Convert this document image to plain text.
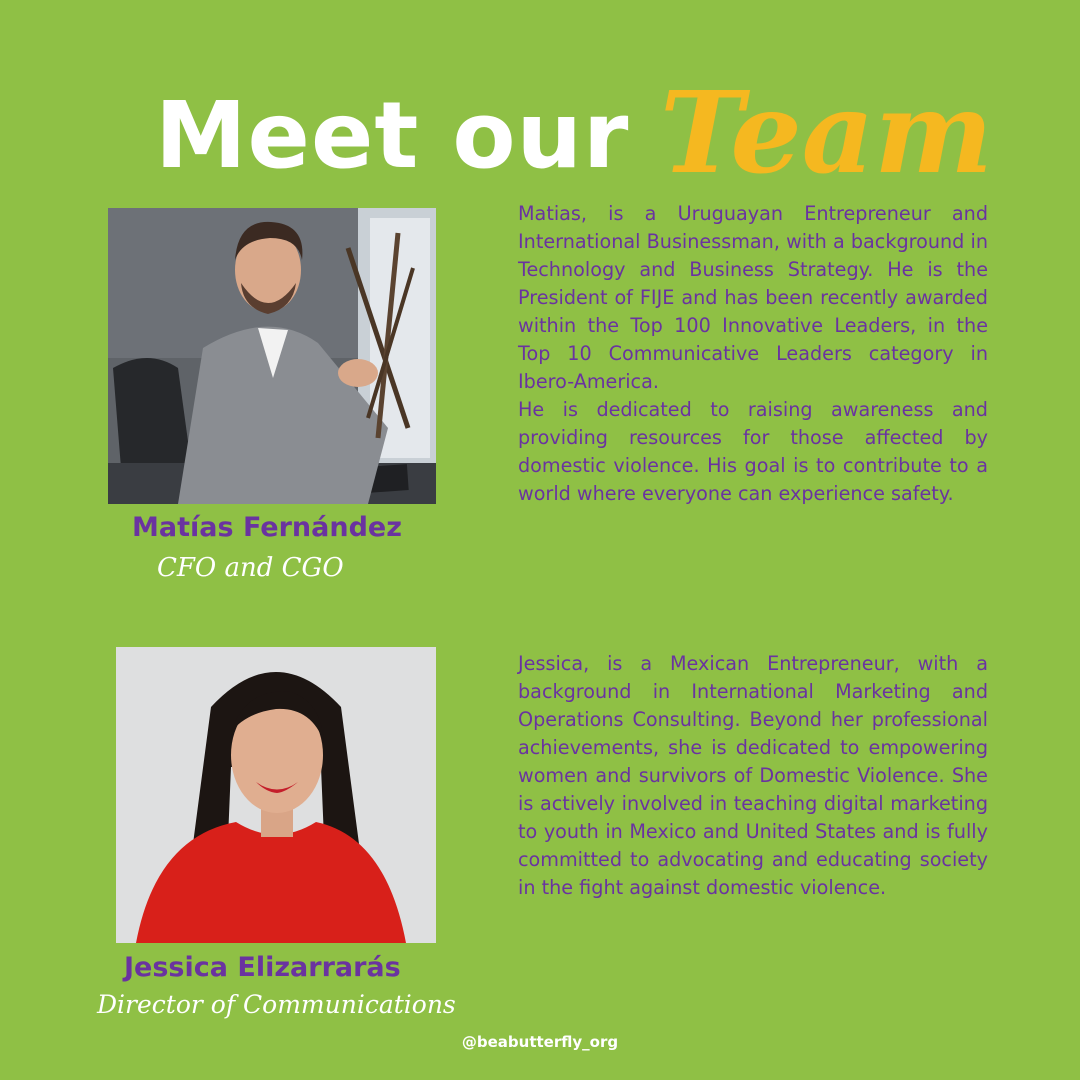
Meet our Team
Matías Fernández
CFO and CGO

Matias, is a Uruguayan Entrepreneur and International Businessman, with a background in Technology and Business Strategy. He is the President of FIJE and has been recently awarded within the Top 100 Innovative Leaders, in the Top 10 Communicative Leaders category in Ibero-America.

He is dedicated to raising awareness and providing resources for those affected by domestic violence. His goal is to contribute to a world where everyone can experience safety.

Jessica Elizarrarás
Director of Communications

Jessica, is a Mexican Entrepreneur, with a background in International Marketing and Operations Consulting. Beyond her professional achievements, she is dedicated to empowering women and survivors of Domestic Violence. She is actively involved in teaching digital marketing to youth in Mexico and United States and is fully committed to advocating and educating society in the fight against domestic violence.

@beabutterfly_org
